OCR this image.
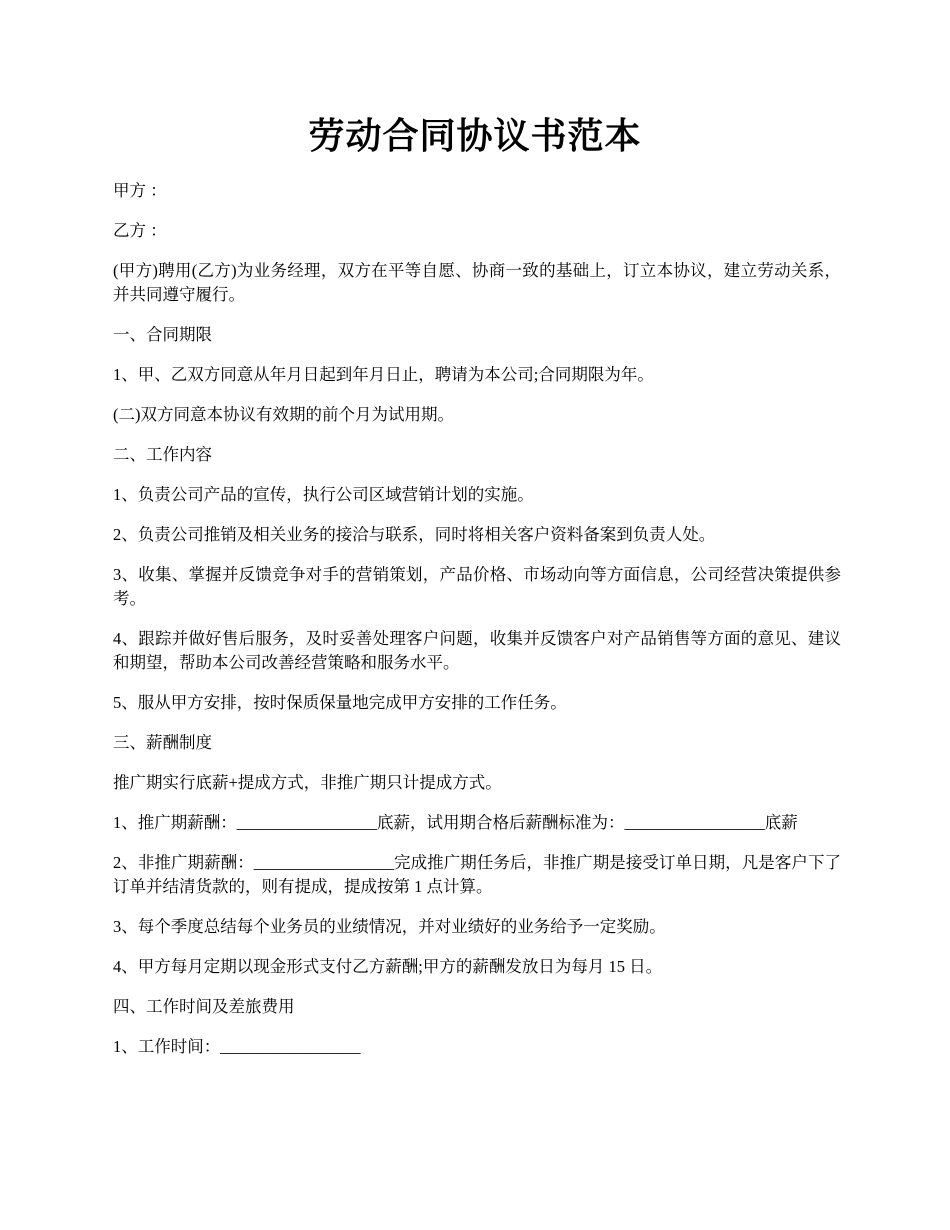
劳动合同协议书范本

甲方 ：

乙方 ：

(甲方)聘用(乙方)为业务经理，双方在平等自愿、协商一致的基础上，订立本协议，建立劳动关系，并共同遵守履行。

一、合同期限

1、甲、乙双方同意从年月日起到年月日止，聘请为本公司;合同期限为年。

(二)双方同意本协议有效期的前个月为试用期。

二、工作内容

1、负责公司产品的宣传，执行公司区域营销计划的实施。

2、负责公司推销及相关业务的接洽与联系，同时将相关客户资料备案到负责人处。

3、收集、掌握并反馈竞争对手的营销策划，产品价格、市场动向等方面信息，公司经营决策提供参考。

4、跟踪并做好售后服务，及时妥善处理客户问题，收集并反馈客户对产品销售等方面的意见、建议和期望，帮助本公司改善经营策略和服务水平。

5、服从甲方安排，按时保质保量地完成甲方安排的工作任务。

三、薪酬制度

推广期实行底薪+提成方式，非推广期只计提成方式。

1、推广期薪酬：_________________底薪，试用期合格后薪酬标准为：_________________底薪

2、非推广期薪酬：_________________完成推广期任务后，非推广期是接受订单日期，凡是客户下了订单并结清货款的，则有提成，提成按第 1 点计算。

3、每个季度总结每个业务员的业绩情况，并对业绩好的业务给予一定奖励。

4、甲方每月定期以现金形式支付乙方薪酬;甲方的薪酬发放日为每月 15 日。

四、工作时间及差旅费用

1、工作时间：_________________
